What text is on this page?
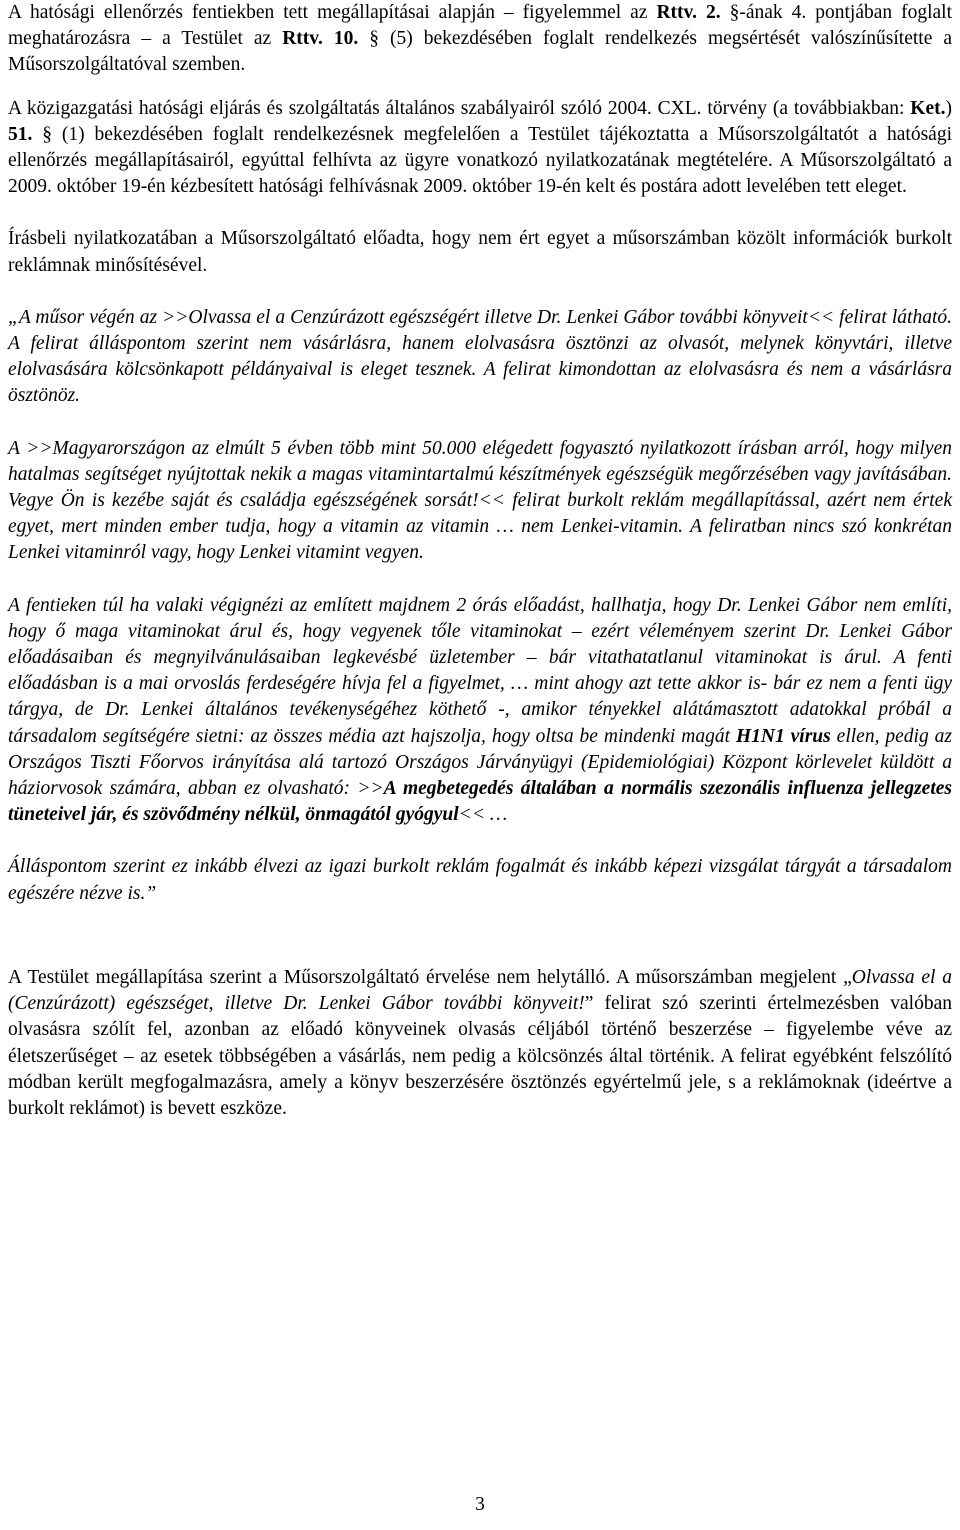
A hatósági ellenőrzés fentiekben tett megállapításai alapján – figyelemmel az Rttv. 2. §-ának 4. pontjában foglalt meghatározásra – a Testület az Rttv. 10. § (5) bekezdésében foglalt rendelkezés megsértését valószínűsítette a Műsorszolgáltatóval szemben.

A közigazgatási hatósági eljárás és szolgáltatás általános szabályairól szóló 2004. CXL. törvény (a továbbiakban: Ket.) 51. § (1) bekezdésében foglalt rendelkezésnek megfelelően a Testület tájékoztatta a Műsorszolgáltatót a hatósági ellenőrzés megállapításairól, egyúttal felhívta az ügyre vonatkozó nyilatkozatának megtételére. A Műsorszolgáltató a 2009. október 19-én kézbesített hatósági felhívásnak 2009. október 19-én kelt és postára adott levelében tett eleget.

Írásbeli nyilatkozatában a Műsorszolgáltató előadta, hogy nem ért egyet a műsorszámban közölt információk burkolt reklámnak minősítésével.

„A műsor végén az >>Olvassa el a Cenzúrázott egészségért illetve Dr. Lenkei Gábor további könyveit<< felirat látható. A felirat álláspontom szerint nem vásárlásra, hanem elolvasásra ösztönzi az olvasót, melynek könyvtári, illetve elolvasására kölcsönkapott példányaival is eleget tesznek. A felirat kimondottan az elolvasásra és nem a vásárlásra ösztönöz.

A >>Magyarországon az elmúlt 5 évben több mint 50.000 elégedett fogyasztó nyilatkozott írásban arról, hogy milyen hatalmas segítséget nyújtottak nekik a magas vitamintartalmú készítmények egészségük megőrzésében vagy javításában. Vegye Ön is kezébe saját és családja egészségének sorsát!<< felirat burkolt reklám megállapítással, azért nem értek egyet, mert minden ember tudja, hogy a vitamin az vitamin … nem Lenkei-vitamin. A feliratban nincs szó konkrétan Lenkei vitaminról vagy, hogy Lenkei vitamint vegyen.

A fentieken túl ha valaki végignézi az említett majdnem 2 órás előadást, hallhatja, hogy Dr. Lenkei Gábor nem említi, hogy ő maga vitaminokat árul és, hogy vegyenek tőle vitaminokat – ezért véleményem szerint Dr. Lenkei Gábor előadásaiban és megnyilvánulásaiban legkevésbé üzletember – bár vitathatatlanul vitaminokat is árul. A fenti előadásban is a mai orvoslás ferdeségére hívja fel a figyelmet, … mint ahogy azt tette akkor is- bár ez nem a fenti ügy tárgya, de Dr. Lenkei általános tevékenységéhez köthető -, amikor tényekkel alátámasztott adatokkal próbál a társadalom segítségére sietni: az összes média azt hajszolja, hogy oltsa be mindenki magát H1N1 vírus ellen, pedig az Országos Tiszti Főorvos irányítása alá tartozó Országos Járványügyi (Epidemiológiai) Központ körlevelet küldött a háziorvosok számára, abban ez olvasható: >>A megbetegedés általában a normális szezonális influenza jellegzetes tüneteivel jár, és szövődmény nélkül, önmagától gyógyul<< …

Álláspontom szerint ez inkább élvezi az igazi burkolt reklám fogalmát és inkább képezi vizsgálat tárgyát a társadalom egészére nézve is.”

A Testület megállapítása szerint a Műsorszolgáltató érvelése nem helytálló. A műsorszámban megjelent „Olvassa el a (Cenzúrázott) egészséget, illetve Dr. Lenkei Gábor további könyveit!” felirat szó szerinti értelmezésben valóban olvasásra szólít fel, azonban az előadó könyveinek olvasás céljából történő beszerzése – figyelembe véve az életszerűséget – az esetek többségében a vásárlás, nem pedig a kölcsönzés által történik. A felirat egyébként felszólító módban került megfogalmazásra, amely a könyv beszerzésére ösztönzés egyértelmű jele, s a reklámoknak (ideértve a burkolt reklámot) is bevett eszköze.

3
